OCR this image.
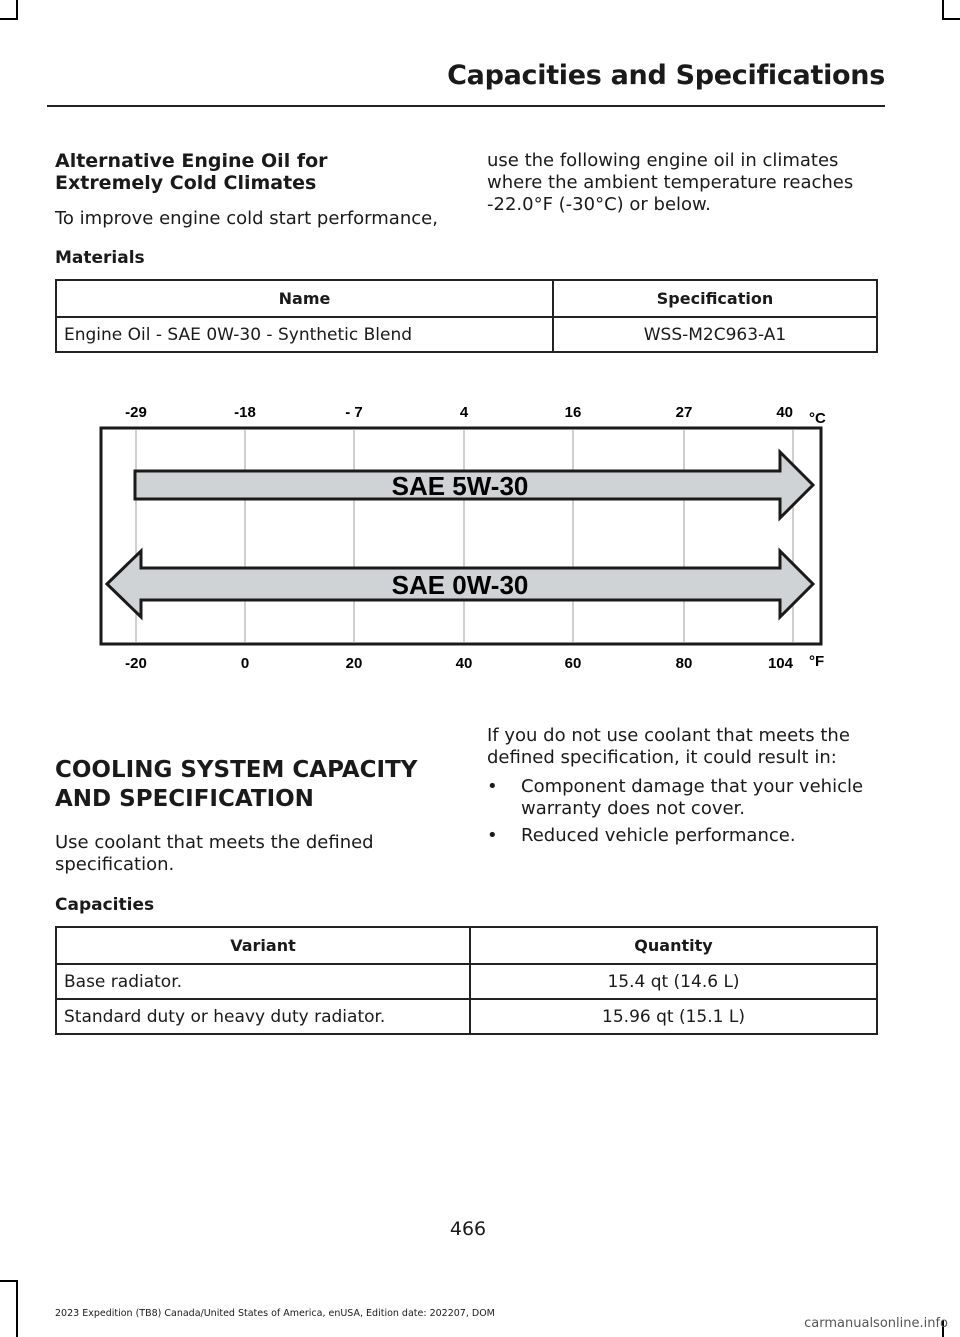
Capacities and Specifications
Alternative Engine Oil for
Extremely Cold Climates
To improve engine cold start performance,
use the following engine oil in climates
where the ambient temperature reaches
-22.0°F (-30°C) or below.
Materials
Name	Specification
Engine Oil - SAE 0W-30 - Synthetic Blend	WSS-M2C963-A1
-29	-18	- 7	4	16	27	40
SAE 5W-30
SAE 0W-30
-20	0	20	40	60	80	104
°C
°F
COOLING SYSTEM CAPACITY
AND SPECIFICATION
Use coolant that meets the defined
specification.
If you do not use coolant that meets the
defined specification, it could result in:
• Component damage that your vehicle
warranty does not cover.
• Reduced vehicle performance.
Capacities
Variant	Quantity
Base radiator.	15.4 qt (14.6 L)
Standard duty or heavy duty radiator.	15.96 qt (15.1 L)
466
2023 Expedition (TB8) Canada/United States of America, enUSA, Edition date: 202207, DOM
carmanualsonline.info
